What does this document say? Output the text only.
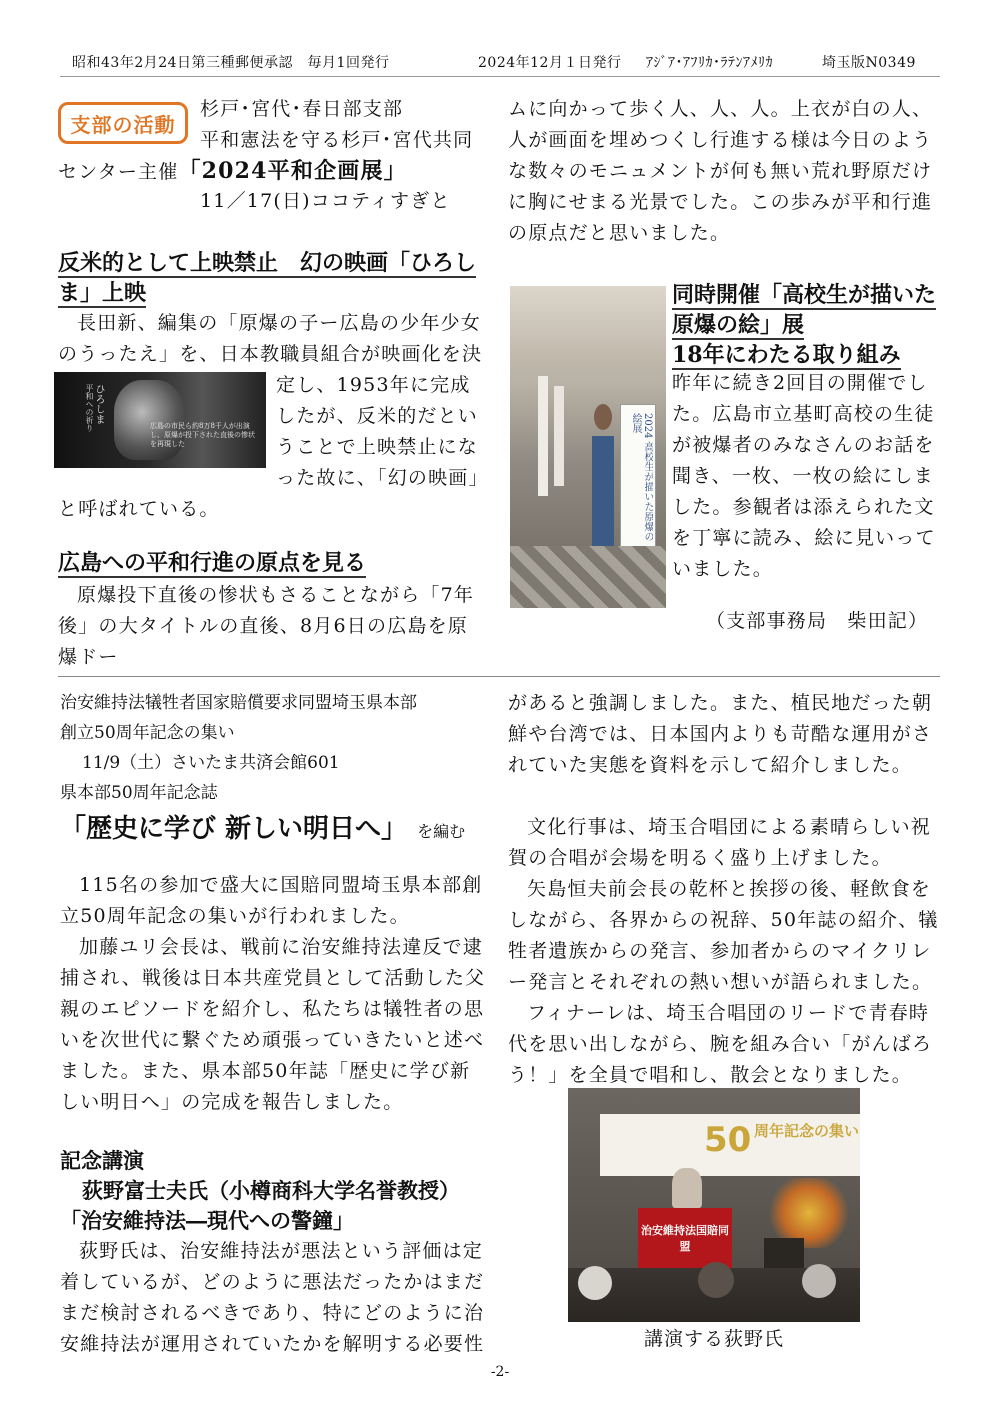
昭和43年2月24日第三種郵便承認　毎月1回発行	2024年12月１日発行 ｱｼﾞｱ･ｱﾌﾘｶ･ﾗﾃﾝｱﾒﾘｶ	埼玉版N0349
支部の活動

杉戸･宮代･春日部支部

平和憲法を守る杉戸･宮代共同

センター主催「2024平和企画展」
11／17(日)ココティすぎと
反米的として上映禁止　幻の映画「ひろしま」上映
長田新、編集の「原爆の子ー広島の少年少女のうったえ」を、日本教職員組合が映画化を決
ひろしま
平和への祈り	広島の市民ら約8万8千人が出演し、原爆が投下された直後の惨状を再現した
定し、1953年に完成したが、反米的だということで上映禁止になった故に、「幻の映画」
と呼ばれている。
広島への平和行進の原点を見る
原爆投下直後の惨状もさることながら「7年後」の大タイトルの直後、8月6日の広島を原爆ドー
ムに向かって歩く人、人、人。上衣が白の人、人が画面を埋めつくし行進する様は今日のような数々のモニュメントが何も無い荒れ野原だけに胸にせまる光景でした。この歩みが平和行進の原点だと思いました。
2024 高校生が描いた原爆の絵展
同時開催「高校生が描いた原爆の絵」展
18年にわたる取り組み
昨年に続き2回目の開催でした。広島市立基町高校の生徒が被爆者のみなさんのお話を聞き、一枚、一枚の絵にしました。参観者は添えられた文を丁寧に読み、絵に見いっていました。
（支部事務局　柴田記）
治安維持法犠牲者国家賠償要求同盟埼玉県本部
創立50周年記念の集い
11/9（土）さいたま共済会館601
県本部50周年記念誌
「歴史に学び 新しい明日へ」 を編む

115名の参加で盛大に国賠同盟埼玉県本部創立50周年記念の集いが行われました。

加藤ユリ会長は、戦前に治安維持法違反で逮捕され、戦後は日本共産党員として活動した父親のエピソードを紹介し、私たちは犠牲者の思いを次世代に繋ぐため頑張っていきたいと述べました。また、県本部50年誌「歴史に学び新しい明日へ」の完成を報告しました。

記念講演
荻野富士夫氏（小樽商科大学名誉教授）
「治安維持法―現代への警鐘」
荻野氏は、治安維持法が悪法という評価は定着しているが、どのように悪法だったかはまだまだ検討されるべきであり、特にどのように治安維持法が運用されていたかを解明する必要性

があると強調しました。また、植民地だった朝鮮や台湾では、日本国内よりも苛酷な運用がされていた実態を資料を示して紹介しました。

文化行事は、埼玉合唱団による素晴らしい祝賀の合唱が会場を明るく盛り上げました。

矢島恒夫前会長の乾杯と挨拶の後、軽飲食をしながら、各界からの祝辞、50年誌の紹介、犠牲者遺族からの発言、参加者からのマイクリレー発言とそれぞれの熱い想いが語られました。

フィナーレは、埼玉合唱団のリードで青春時代を思い出しながら、腕を組み合い「がんばろう！」を全員で唱和し、散会となりました。

50 周年記念の集い
治安維持法国賠同盟
講演する荻野氏
-2-
